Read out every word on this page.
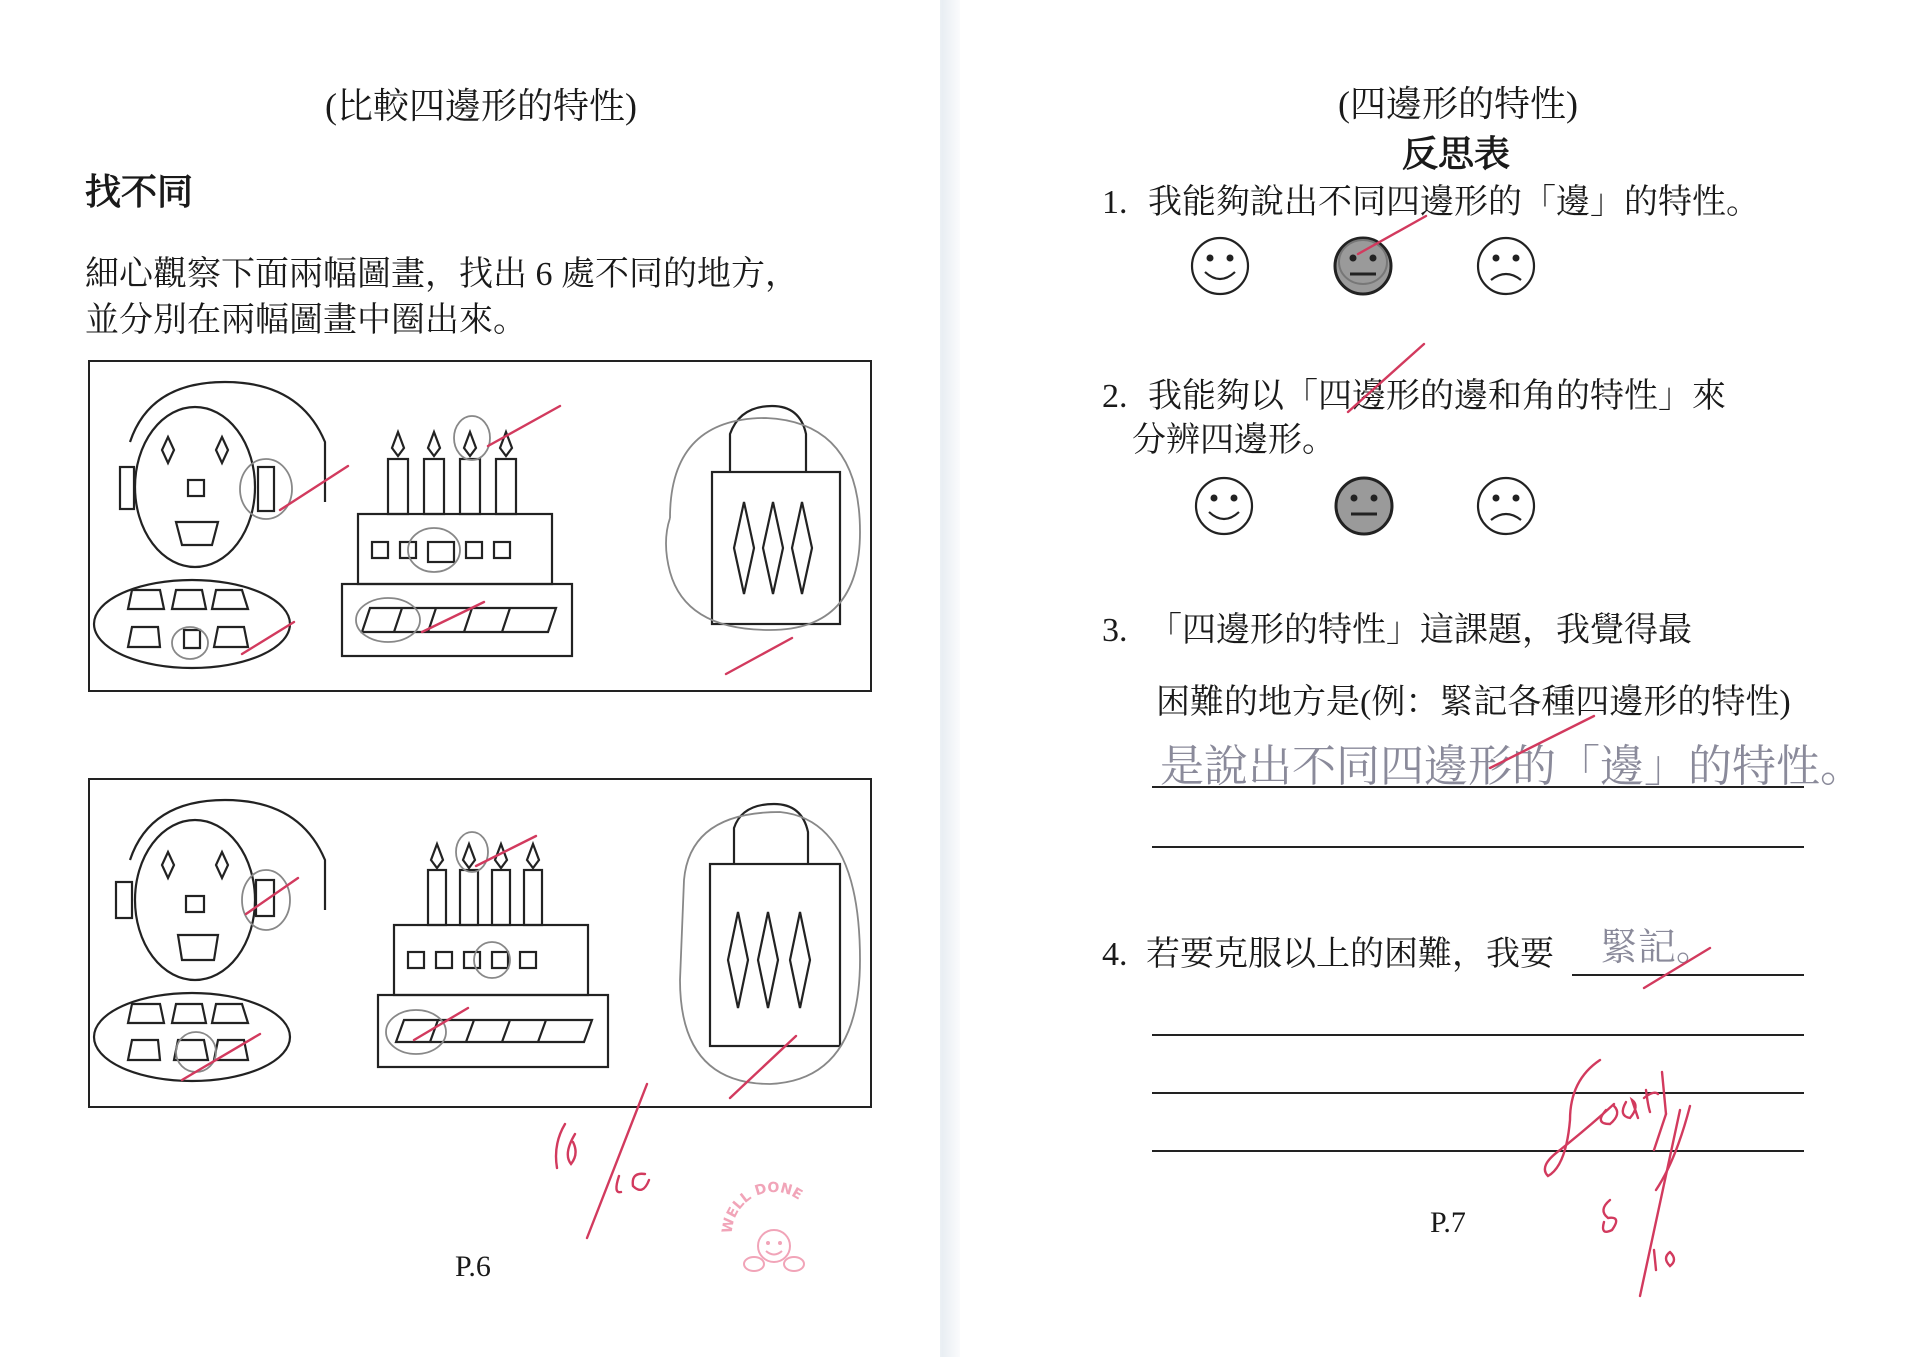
(比較四邊形的特性)
找不同
細心觀察下面兩幅圖畫，找出 6 處不同的地方，
並分別在兩幅圖畫中圈出來。
WELL DONE
P.6
(四邊形的特性)
反思表
1. 我能夠說出不同四邊形的「邊」的特性。
2. 我能夠以「四邊形的邊和角的特性」來
分辨四邊形。
3. 「四邊形的特性」這課題，我覺得最
困難的地方是(例：緊記各種四邊形的特性)
是說出不同四邊形的「邊」的特性。
4. 若要克服以上的困難，我要 緊記。
P.7
